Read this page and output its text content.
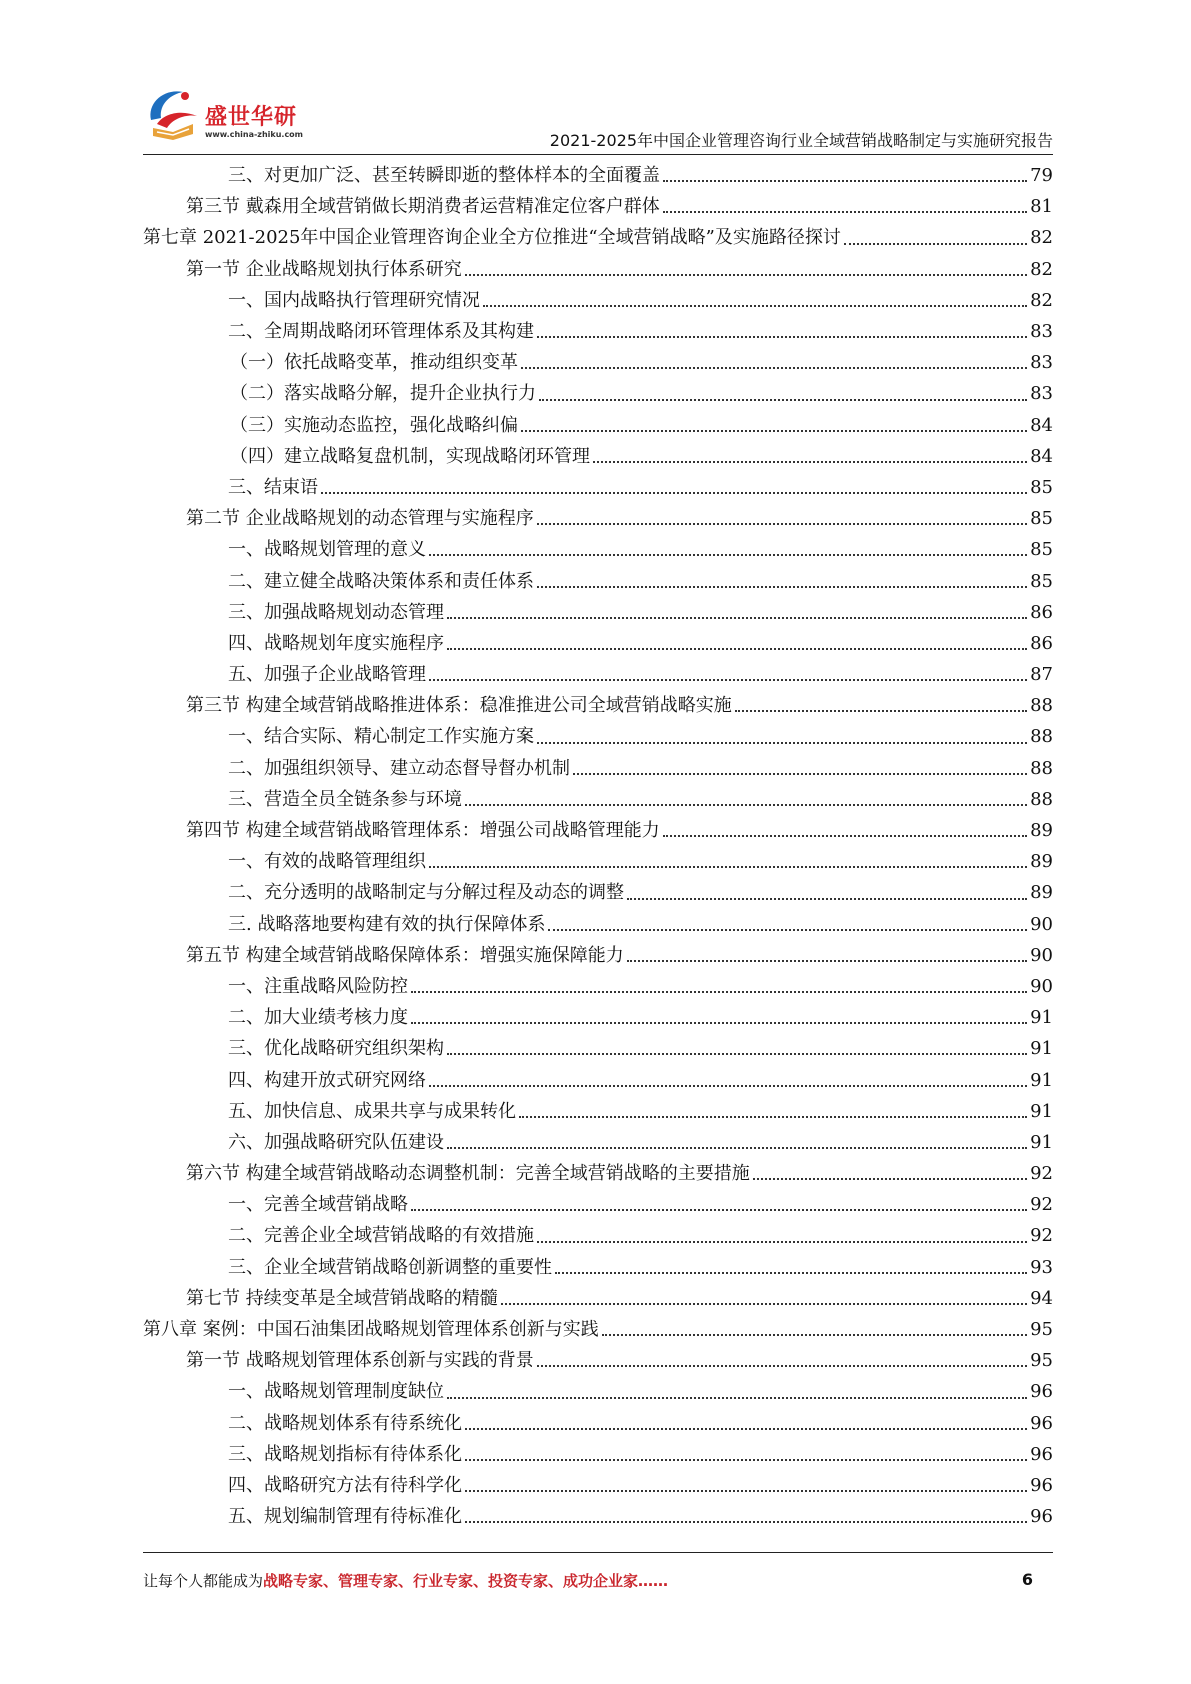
盛世华研
www.china-zhiku.com	2021-2025年中国企业管理咨询行业全域营销战略制定与实施研究报告
三、对更加广泛、甚至转瞬即逝的整体样本的全面覆盖	79
第三节 戴森用全域营销做长期消费者运营精准定位客户群体	81
第七章 2021-2025年中国企业管理咨询企业全方位推进“全域营销战略”及实施路径探讨	82
第一节 企业战略规划执行体系研究	82
一、国内战略执行管理研究情况	82
二、全周期战略闭环管理体系及其构建	83
（一）依托战略变革，推动组织变革	83
（二）落实战略分解，提升企业执行力	83
（三）实施动态监控，强化战略纠偏	84
（四）建立战略复盘机制，实现战略闭环管理	84
三、结束语	85
第二节 企业战略规划的动态管理与实施程序	85
一、战略规划管理的意义	85
二、建立健全战略决策体系和责任体系	85
三、加强战略规划动态管理	86
四、战略规划年度实施程序	86
五、加强子企业战略管理	87
第三节 构建全域营销战略推进体系：稳准推进公司全域营销战略实施	88
一、结合实际、精心制定工作实施方案	88
二、加强组织领导、建立动态督导督办机制	88
三、营造全员全链条参与环境	88
第四节 构建全域营销战略管理体系：增强公司战略管理能力	89
一、有效的战略管理组织	89
二、充分透明的战略制定与分解过程及动态的调整	89
三. 战略落地要构建有效的执行保障体系	90
第五节 构建全域营销战略保障体系：增强实施保障能力	90
一、注重战略风险防控	90
二、加大业绩考核力度	91
三、优化战略研究组织架构	91
四、构建开放式研究网络	91
五、加快信息、成果共享与成果转化	91
六、加强战略研究队伍建设	91
第六节 构建全域营销战略动态调整机制：完善全域营销战略的主要措施	92
一、完善全域营销战略	92
二、完善企业全域营销战略的有效措施	92
三、企业全域营销战略创新调整的重要性	93
第七节 持续变革是全域营销战略的精髓	94
第八章 案例：中国石油集团战略规划管理体系创新与实践	95
第一节 战略规划管理体系创新与实践的背景	95
一、战略规划管理制度缺位	96
二、战略规划体系有待系统化	96
三、战略规划指标有待体系化	96
四、战略研究方法有待科学化	96
五、规划编制管理有待标准化	96
让每个人都能成为战略专家、管理专家、行业专家、投资专家、成功企业家……	6
